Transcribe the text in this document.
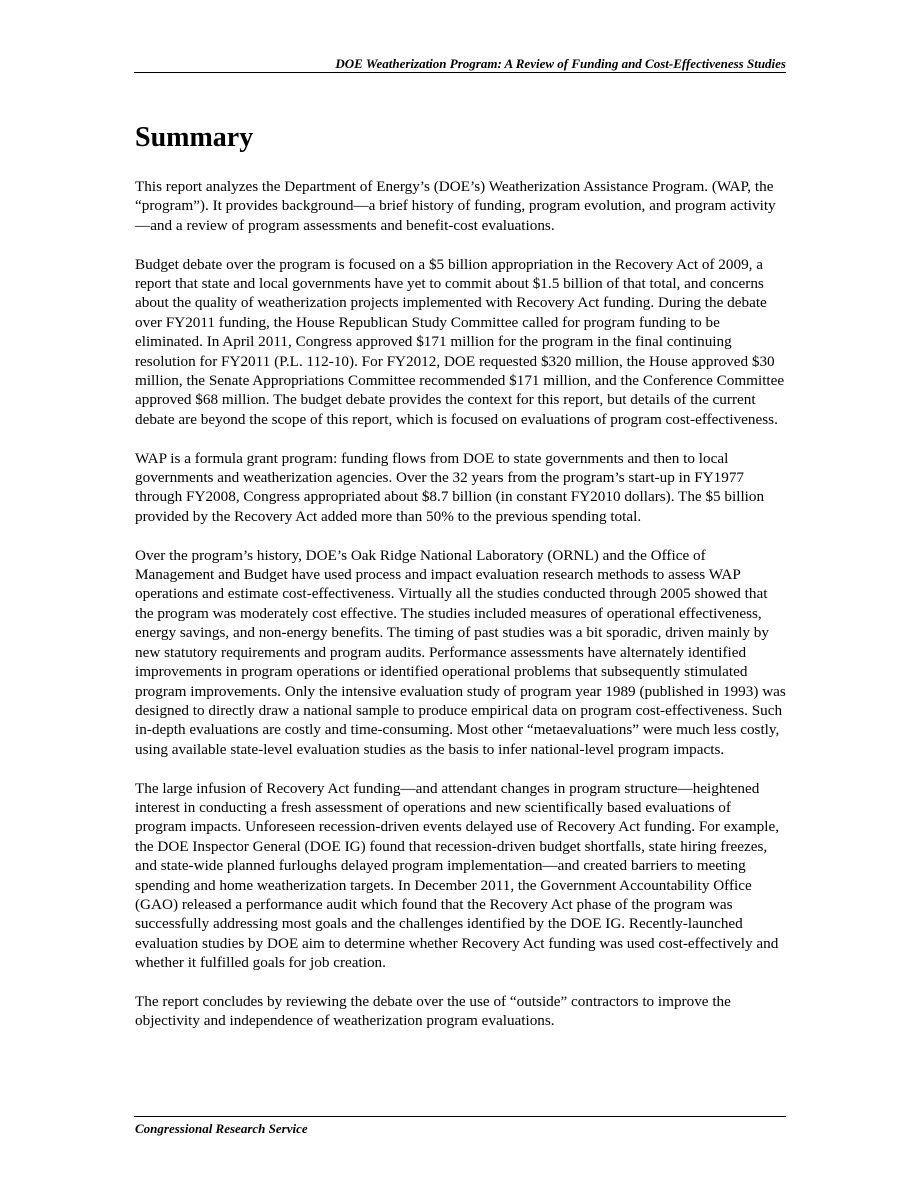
DOE Weatherization Program: A Review of Funding and Cost-Effectiveness Studies
Summary

This report analyzes the Department of Energy’s (DOE’s) Weatherization Assistance Program. (WAP, the “program”). It provides background—a brief history of funding, program evolution, and program activity—and a review of program assessments and benefit-cost evaluations.

Budget debate over the program is focused on a $5 billion appropriation in the Recovery Act of 2009, a report that state and local governments have yet to commit about $1.5 billion of that total, and concerns about the quality of weatherization projects implemented with Recovery Act funding. During the debate over FY2011 funding, the House Republican Study Committee called for program funding to be eliminated. In April 2011, Congress approved $171 million for the program in the final continuing resolution for FY2011 (P.L. 112-10). For FY2012, DOE requested $320 million, the House approved $30 million, the Senate Appropriations Committee recommended $171 million, and the Conference Committee approved $68 million. The budget debate provides the context for this report, but details of the current debate are beyond the scope of this report, which is focused on evaluations of program cost-effectiveness.

WAP is a formula grant program: funding flows from DOE to state governments and then to local governments and weatherization agencies. Over the 32 years from the program’s start-up in FY1977 through FY2008, Congress appropriated about $8.7 billion (in constant FY2010 dollars). The $5 billion provided by the Recovery Act added more than 50% to the previous spending total.

Over the program’s history, DOE’s Oak Ridge National Laboratory (ORNL) and the Office of Management and Budget have used process and impact evaluation research methods to assess WAP operations and estimate cost-effectiveness. Virtually all the studies conducted through 2005 showed that the program was moderately cost effective. The studies included measures of operational effectiveness, energy savings, and non-energy benefits. The timing of past studies was a bit sporadic, driven mainly by new statutory requirements and program audits. Performance assessments have alternately identified improvements in program operations or identified operational problems that subsequently stimulated program improvements. Only the intensive evaluation study of program year 1989 (published in 1993) was designed to directly draw a national sample to produce empirical data on program cost-effectiveness. Such in-depth evaluations are costly and time-consuming. Most other “metaevaluations” were much less costly, using available state-level evaluation studies as the basis to infer national-level program impacts.

The large infusion of Recovery Act funding—and attendant changes in program structure—heightened interest in conducting a fresh assessment of operations and new scientifically based evaluations of program impacts. Unforeseen recession-driven events delayed use of Recovery Act funding. For example, the DOE Inspector General (DOE IG) found that recession-driven budget shortfalls, state hiring freezes, and state-wide planned furloughs delayed program implementation—and created barriers to meeting spending and home weatherization targets. In December 2011, the Government Accountability Office (GAO) released a performance audit which found that the Recovery Act phase of the program was successfully addressing most goals and the challenges identified by the DOE IG. Recently-launched evaluation studies by DOE aim to determine whether Recovery Act funding was used cost-effectively and whether it fulfilled goals for job creation.

The report concludes by reviewing the debate over the use of “outside” contractors to improve the objectivity and independence of weatherization program evaluations.

Congressional Research Service
